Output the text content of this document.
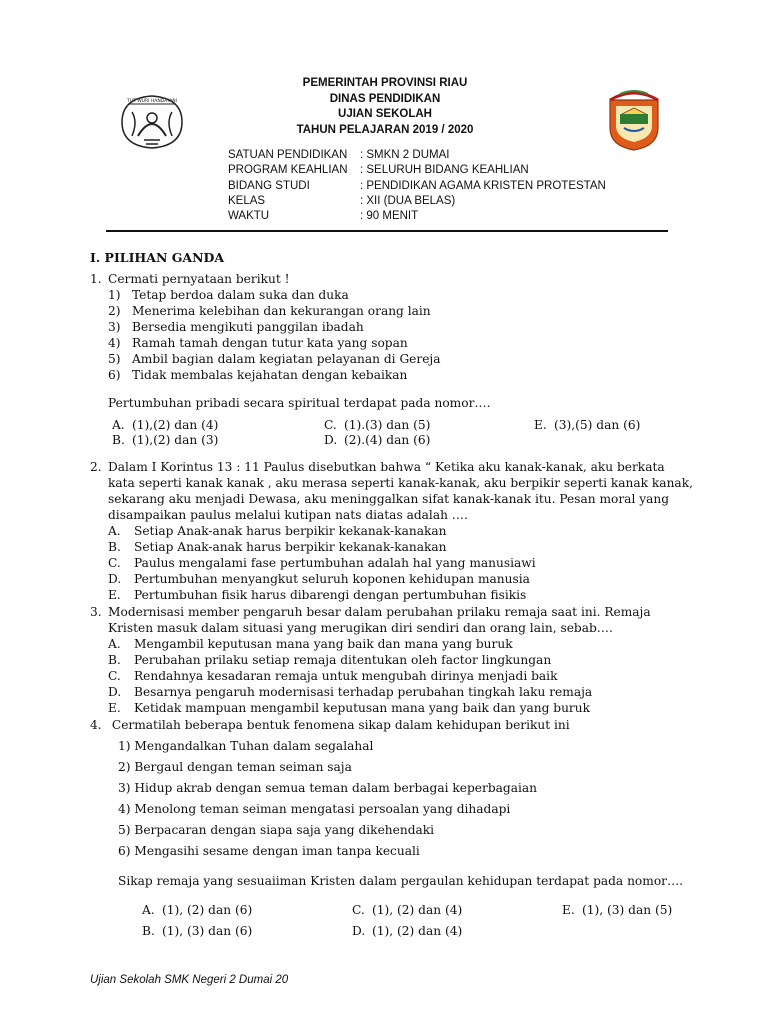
TUT WURI HANDAYANI
PEMERINTAH PROVINSI RIAU
DINAS PENDIDIKAN
UJIAN SEKOLAH
TAHUN PELAJARAN 2019 / 2020
SATUAN PENDIDIKAN	: SMKN 2 DUMAI
PROGRAM KEAHLIAN	: SELURUH BIDANG KEAHLIAN
BIDANG STUDI	: PENDIDIKAN AGAMA KRISTEN PROTESTAN
KELAS	: XII (DUA BELAS)
WAKTU	: 90 MENIT
I. PILIHAN GANDA
1. Cermati pernyataan berikut !
1) Tetap berdoa dalam suka dan duka
2) Menerima kelebihan dan kekurangan orang lain
3) Bersedia mengikuti panggilan ibadah
4) Ramah tamah dengan tutur kata yang sopan
5) Ambil bagian dalam kegiatan pelayanan di Gereja
6) Tidak membalas kejahatan dengan kebaikan
Pertumbuhan pribadi secara spiritual terdapat pada nomor….
A. (1),(2) dan (4)
B. (1),(2) dan (3)
C. (1).(3) dan (5)
D. (2).(4) dan (6)
E. (3),(5) dan (6)
2. Dalam I Korintus 13 : 11 Paulus disebutkan bahwa “ Ketika aku kanak-kanak, aku berkata
kata seperti kanak kanak , aku merasa seperti kanak-kanak, aku berpikir seperti kanak kanak,
sekarang aku menjadi Dewasa, aku meninggalkan sifat kanak-kanak itu. Pesan moral yang
disampaikan paulus melalui kutipan nats diatas adalah ….
A. Setiap Anak-anak harus berpikir kekanak-kanakan
B. Setiap Anak-anak harus berpikir kekanak-kanakan
C. Paulus mengalami fase pertumbuhan adalah hal yang manusiawi
D. Pertumbuhan menyangkut seluruh koponen kehidupan manusia
E. Pertumbuhan fisik harus dibarengi dengan pertumbuhan fisikis
3. Modernisasi member pengaruh besar dalam perubahan prilaku remaja saat ini. Remaja
Kristen masuk dalam situasi yang merugikan diri sendiri dan orang lain, sebab….
A. Mengambil keputusan mana yang baik dan mana yang buruk
B. Perubahan prilaku setiap remaja ditentukan oleh factor lingkungan
C. Rendahnya kesadaran remaja untuk mengubah dirinya menjadi baik
D. Besarnya pengaruh modernisasi terhadap perubahan tingkah laku remaja
E. Ketidak mampuan mengambil keputusan mana yang baik dan yang buruk
4. Cermatilah beberapa bentuk fenomena sikap dalam kehidupan berikut ini
1) Mengandalkan Tuhan dalam segalahal
2) Bergaul dengan teman seiman saja
3) Hidup akrab dengan semua teman dalam berbagai keperbagaian
4) Menolong teman seiman mengatasi persoalan yang dihadapi
5) Berpacaran dengan siapa saja yang dikehendaki
6) Mengasihi sesame dengan iman tanpa kecuali
Sikap remaja yang sesuaiiman Kristen dalam pergaulan kehidupan terdapat pada nomor….
A. (1), (2) dan (6)
B. (1), (3) dan (6)
C. (1), (2) dan (4)
D. (1), (2) dan (4)
E. (1), (3) dan (5)
Ujian Sekolah SMK Negeri 2 Dumai 20
